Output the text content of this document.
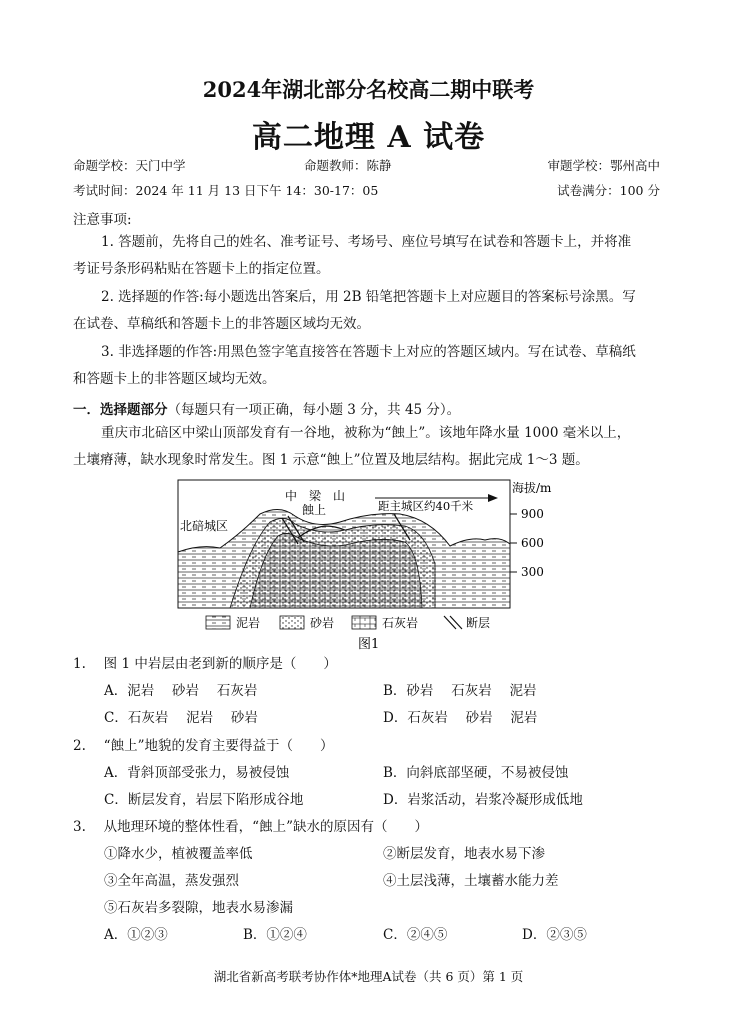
2024年湖北部分名校高二期中联考
高二地理 A 试卷
命题学校：天门中学	命题教师：陈静	审题学校：鄂州高中
考试时间：2024 年 11 月 13 日下午 14：30-17：05	试卷满分：100 分
注意事项:
1. 答题前，先将自己的姓名、准考证号、考场号、座位号填写在试卷和答题卡上，并将准
考证号条形码粘贴在答题卡上的指定位置。
2. 选择题的作答:每小题选出答案后，用 2B 铅笔把答题卡上对应题目的答案标号涂黑。写
在试卷、草稿纸和答题卡上的非答题区域均无效。
3. 非选择题的作答:用黑色签字笔直接答在答题卡上对应的答题区域内。写在试卷、草稿纸
和答题卡上的非答题区域均无效。
一．选择题部分（每题只有一项正确，每小题 3 分，共 45 分）。
重庆市北碚区中梁山顶部发育有一谷地，被称为“蝕上”。该地年降水量 1000 毫米以上，
土壤瘠薄，缺水现象时常发生。图 1 示意“蝕上”位置及地层结构。据此完成 1～3 题。
中　梁　山
蝕上
北碚城区
距主城区约40千米
海拔/m
900
600
300
泥岩	砂岩	石灰岩	断层
图1
1.　 图 1 中岩层由老到新的顺序是（　　）
A．泥岩　 砂岩　 石灰岩	B．砂岩　 石灰岩　 泥岩
C．石灰岩　 泥岩　 砂岩	D．石灰岩　 砂岩　 泥岩
2.　 “蝕上”地貌的发育主要得益于（　　）
A．背斜顶部受张力，易被侵蚀	B．向斜底部坚硬，不易被侵蚀
C．断层发育，岩层下陷形成谷地	D．岩浆活动，岩浆冷凝形成低地
3.　 从地理环境的整体性看，“蝕上”缺水的原因有（　　）
①降水少，植被覆盖率低	②断层发育，地表水易下渗
③全年高温，蒸发强烈	④土层浅薄，土壤蓄水能力差
⑤石灰岩多裂隙，地表水易渗漏
A．①②③	B．①②④	C．②④⑤	D．②③⑤
湖北省新高考联考协作体*地理A试卷（共 6 页）第 1 页
